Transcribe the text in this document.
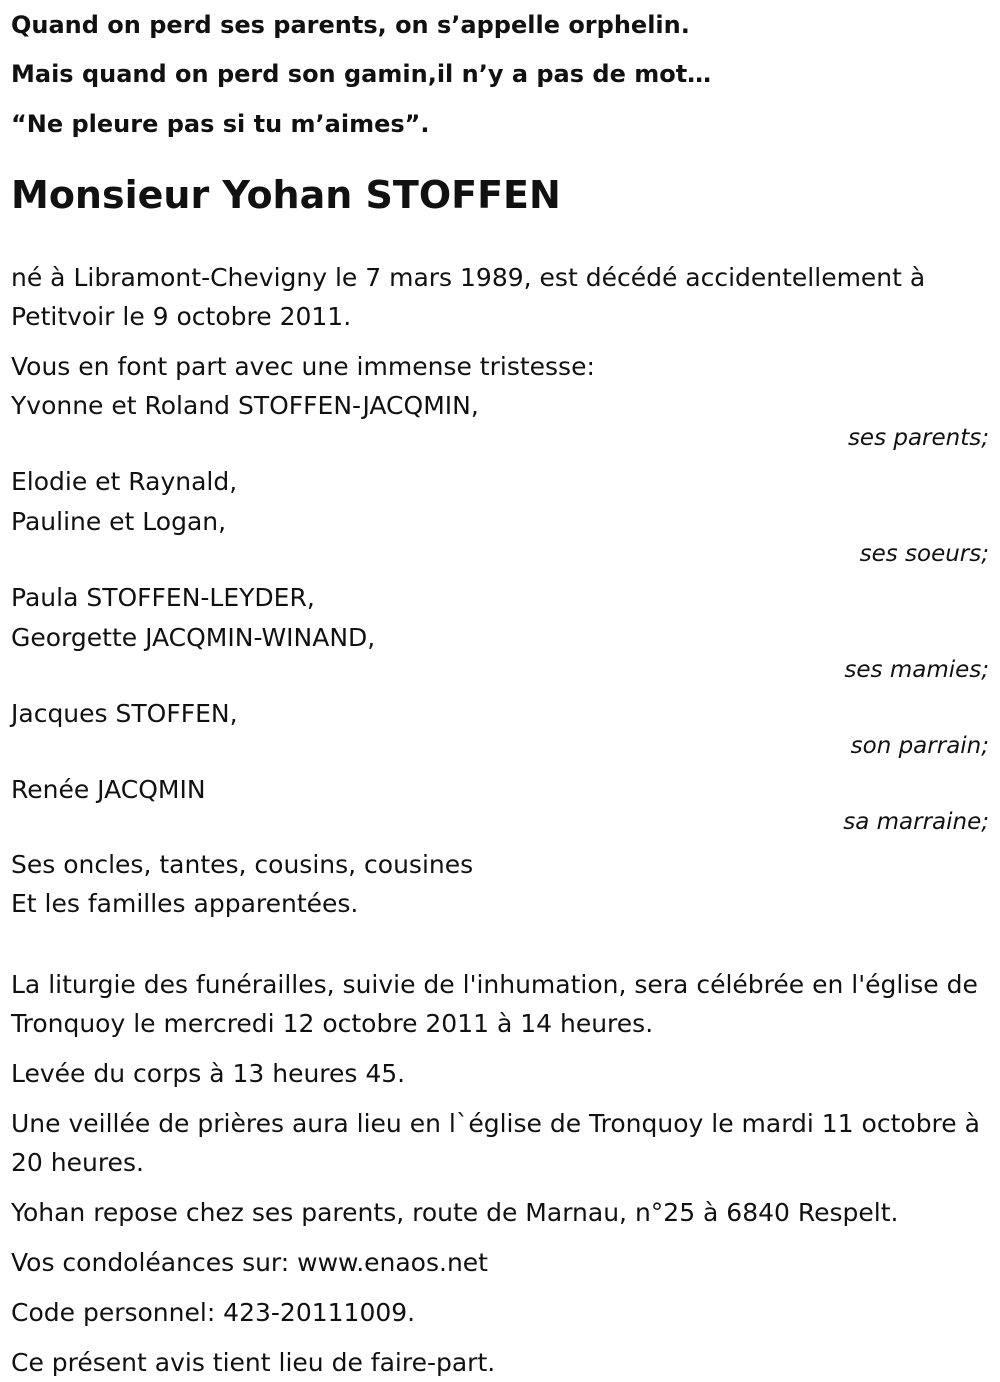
Quand on perd ses parents, on s’appelle orphelin.

Mais quand on perd son gamin,il n’y a pas de mot…

“Ne pleure pas si tu m’aimes”.

Monsieur Yohan STOFFEN

né à Libramont-Chevigny le 7 mars 1989, est décédé accidentellement à Petitvoir le 9 octobre 2011.

Vous en font part avec une immense tristesse:

Yvonne et Roland STOFFEN-JACQMIN,

ses parents;

Elodie et Raynald,

Pauline et Logan,

ses soeurs;

Paula STOFFEN-LEYDER,

Georgette JACQMIN-WINAND,

ses mamies;

Jacques STOFFEN,

son parrain;

Renée JACQMIN

sa marraine;

Ses oncles, tantes, cousins, cousines

Et les familles apparentées.

La liturgie des funérailles, suivie de l'inhumation, sera célébrée en l'église de Tronquoy le mercredi 12 octobre 2011 à 14 heures.

Levée du corps à 13 heures 45.

Une veillée de prières aura lieu en l`église de Tronquoy le mardi 11 octobre à 20 heures.

Yohan repose chez ses parents, route de Marnau, n°25 à 6840 Respelt.

Vos condoléances sur: www.enaos.net

Code personnel: 423-20111009.

Ce présent avis tient lieu de faire-part.
